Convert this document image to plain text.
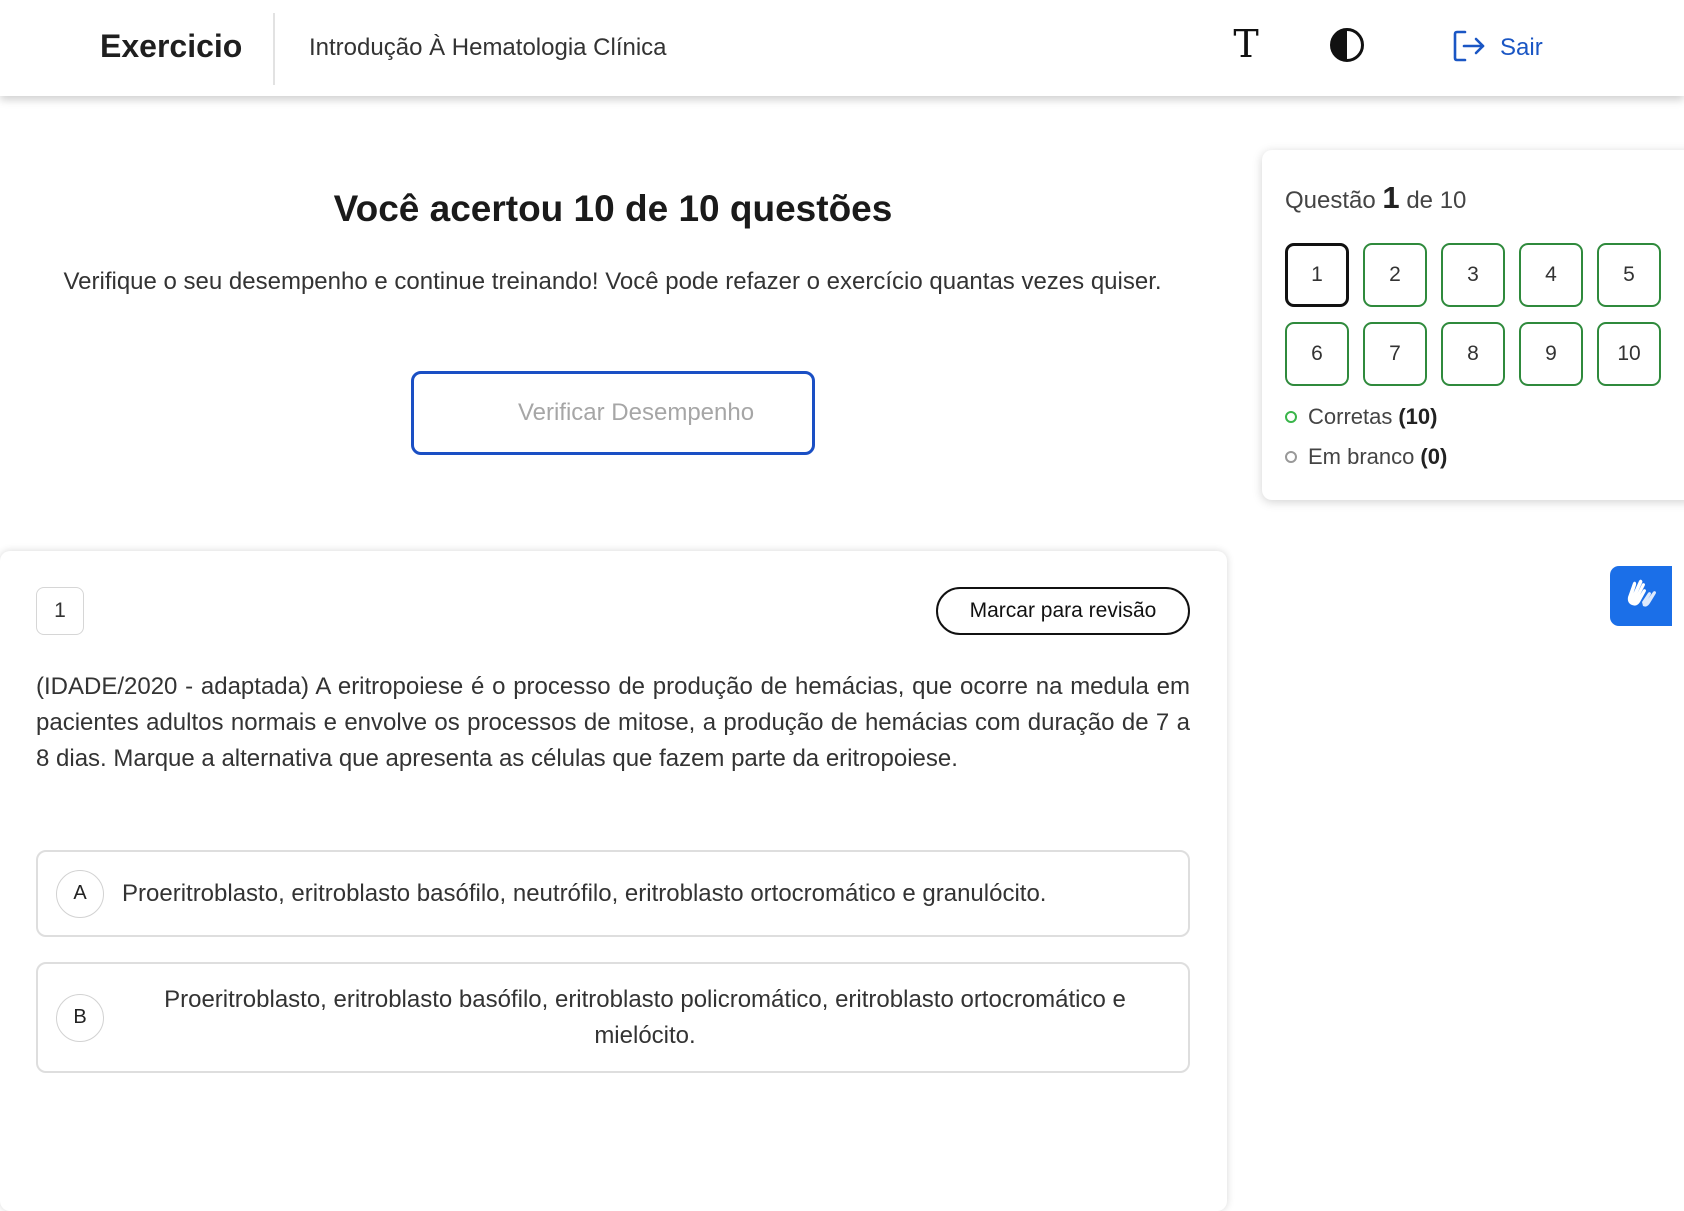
Exercicio	Introdução À Hematologia Clínica	T	Sair
Você acertou 10 de 10 questões
Verifique o seu desempenho e continue treinando! Você pode refazer o exercício quantas vezes quiser.
Verificar Desempenho
Questão 1 de 10
1	2	3	4	5
6	7	8	9	10
Corretas (10)
Em branco (0)
1	Marcar para revisão
(IDADE/2020 - adaptada) A eritropoiese é o processo de produção de hemácias, que ocorre na medula em pacientes adultos normais e envolve os processos de mitose, a produção de hemácias com duração de 7 a 8 dias. Marque a alternativa que apresenta as células que fazem parte da eritropoiese.
A	Proeritroblasto, eritroblasto basófilo, neutrófilo, eritroblasto ortocromático e granulócito.
B
Proeritroblasto, eritroblasto basófilo, eritroblasto policromático, eritroblasto ortocromático e mielócito.
